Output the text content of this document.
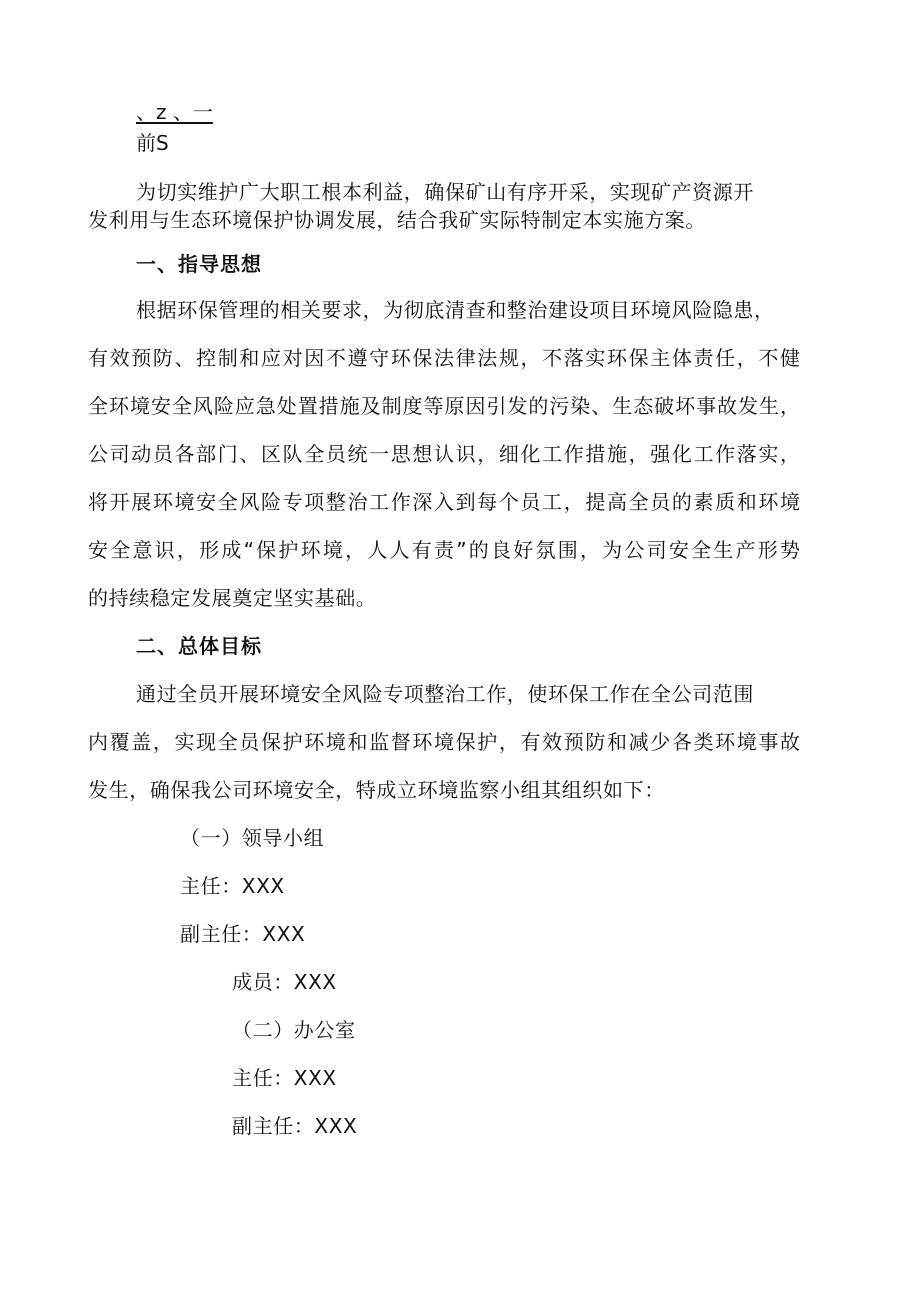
、z 、一
前S
为切实维护广大职工根本利益，确保矿山有序开采，实现矿产资源开
发利用与生态环境保护协调发展，结合我矿实际特制定本实施方案。
一、指导思想
根据环保管理的相关要求，为彻底清查和整治建设项目环境风险隐患，
有效预防、控制和应对因不遵守环保法律法规，不落实环保主体责任，不健
全环境安全风险应急处置措施及制度等原因引发的污染、生态破坏事故发生，
公司动员各部门、区队全员统一思想认识，细化工作措施，强化工作落实，
将开展环境安全风险专项整治工作深入到每个员工，提高全员的素质和环境
安全意识，形成“保护环境，人人有责”的良好氛围，为公司安全生产形势
的持续稳定发展奠定坚实基础。
二、总体目标
通过全员开展环境安全风险专项整治工作，使环保工作在全公司范围
内覆盖，实现全员保护环境和监督环境保护，有效预防和减少各类环境事故
发生，确保我公司环境安全，特成立环境监察小组其组织如下：
（一）领导小组
主任：XXX
副主任：XXX
成员：XXX
（二）办公室
主任：XXX
副主任：XXX
